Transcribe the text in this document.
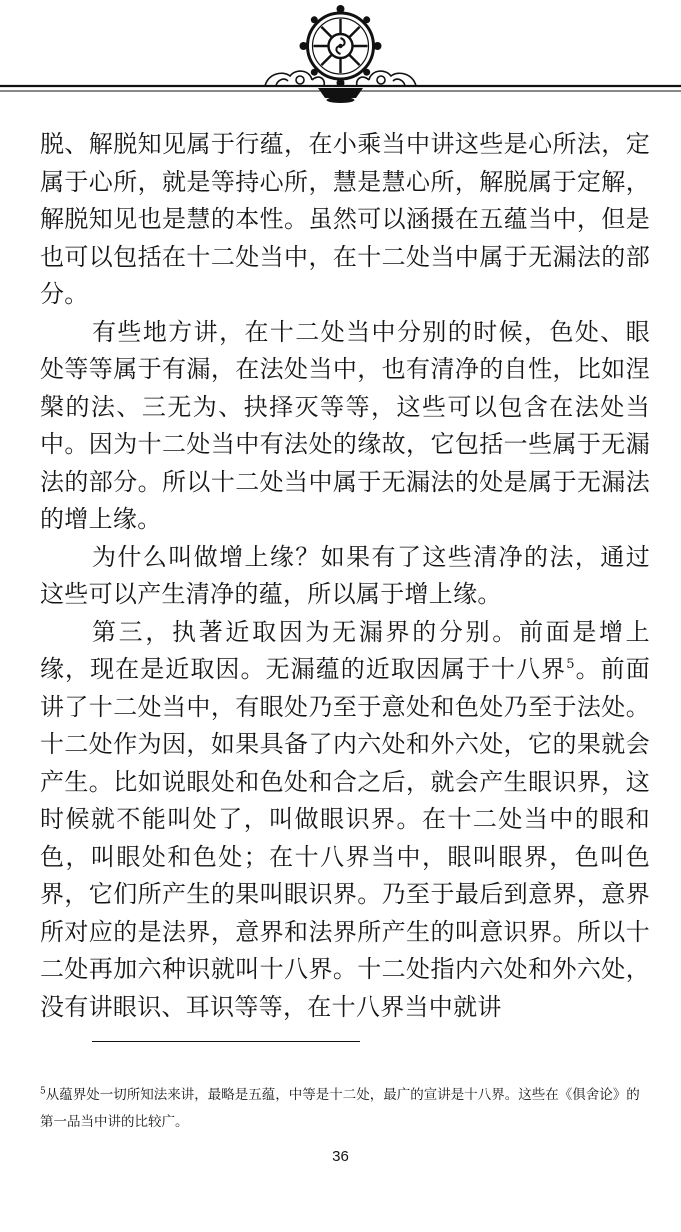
脱、解脱知见属于行蕴，在小乘当中讲这些是心所法，定属于心所，就是等持心所，慧是慧心所，解脱属于定解，解脱知见也是慧的本性。虽然可以涵摄在五蕴当中，但是也可以包括在十二处当中，在十二处当中属于无漏法的部分。

有些地方讲，在十二处当中分别的时候，色处、眼处等等属于有漏，在法处当中，也有清净的自性，比如涅槃的法、三无为、抉择灭等等，这些可以包含在法处当中。因为十二处当中有法处的缘故，它包括一些属于无漏法的部分。所以十二处当中属于无漏法的处是属于无漏法的增上缘。

为什么叫做增上缘？如果有了这些清净的法，通过这些可以产生清净的蕴，所以属于增上缘。

第三，执著近取因为无漏界的分别。前面是增上缘，现在是近取因。无漏蕴的近取因属于十八界$^5$。前面讲了十二处当中，有眼处乃至于意处和色处乃至于法处。十二处作为因，如果具备了内六处和外六处，它的果就会产生。比如说眼处和色处和合之后，就会产生眼识界，这时候就不能叫处了，叫做眼识界。在十二处当中的眼和色，叫眼处和色处；在十八界当中，眼叫眼界，色叫色界，它们所产生的果叫眼识界。乃至于最后到意界，意界所对应的是法界，意界和法界所产生的叫意识界。所以十二处再加六种识就叫十八界。十二处指内六处和外六处，没有讲眼识、耳识等等，在十八界当中就讲

$^5$从蕴界处一切所知法来讲，最略是五蕴，中等是十二处，最广的宣讲是十八界。这些在《俱舍论》的第一品当中讲的比较广。

36
